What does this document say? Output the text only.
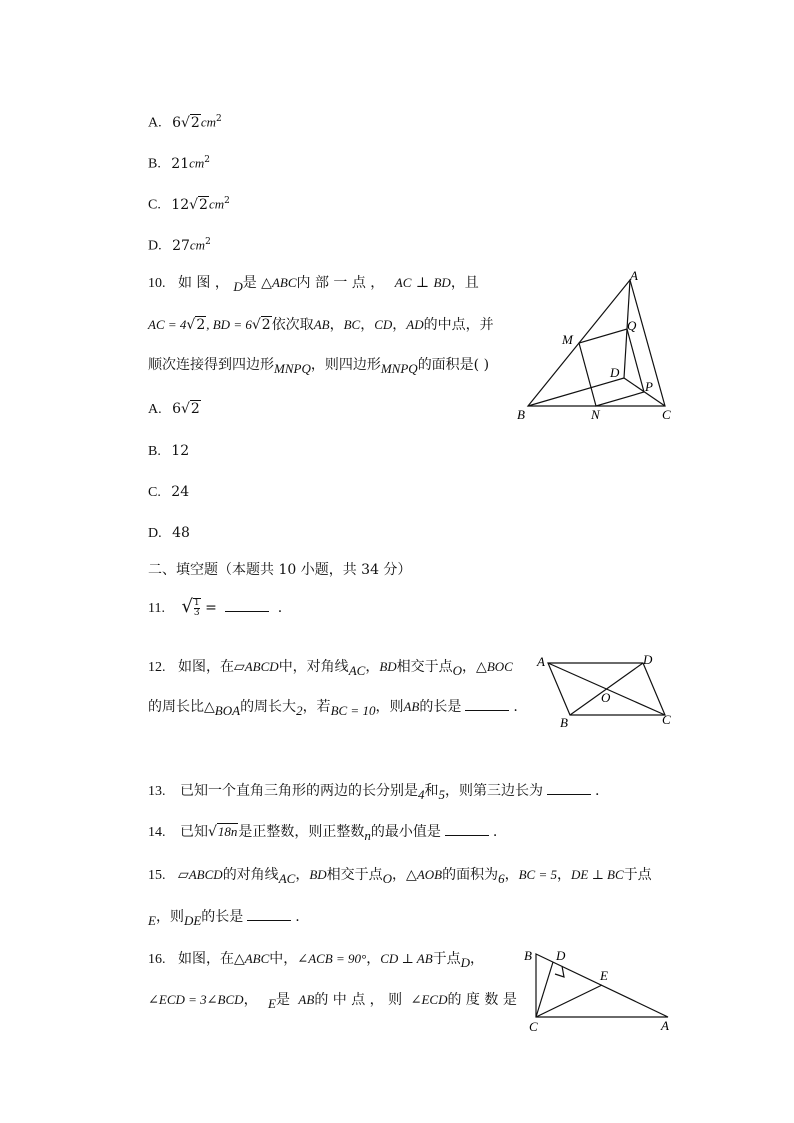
A. $6√2cm^2$
B. $21cm^2$
C. $12√2cm^2$
D. $27cm^2$
10. 如 图 ， D是 △ABC内 部 一 点 ， AC ⊥ BD，且
AC = 4√2, BD = 6√2依次取AB，BC，CD，AD的中点，并
顺次连接得到四边形MNPQ，则四边形MNPQ的面积是( )
A. 6√2
B. 12
C. 24
D. 48
A
B	C
D
M
N
P
Q
二、填空题（本题共 10 小题，共 34 分）
11. $√\frac{1}{3}$ =	.
12. 如图，在▱ABCD中，对角线AC，BD相交于点O，△BOC
的周长比△BOA的周长大2，若BC = 10，则AB的长是	.
A	D
B	C
O
13. 已知一个直角三角形的两边的长分别是4和5，则第三边长为	.
14. 已知√18n是正整数，则正整数n的最小值是	.
15. ▱ABCD的对角线AC，BD相交于点O，△AOB的面积为6，BC = 5，DE ⊥ BC于点
E，则DE的长是	.
16. 如图，在△ABC中，∠ACB = 90°，CD ⊥ AB于点D，
∠ECD = 3∠BCD， E是 AB的 中 点 ， 则 ∠ECD的 度 数 是
B D
E
C	A
